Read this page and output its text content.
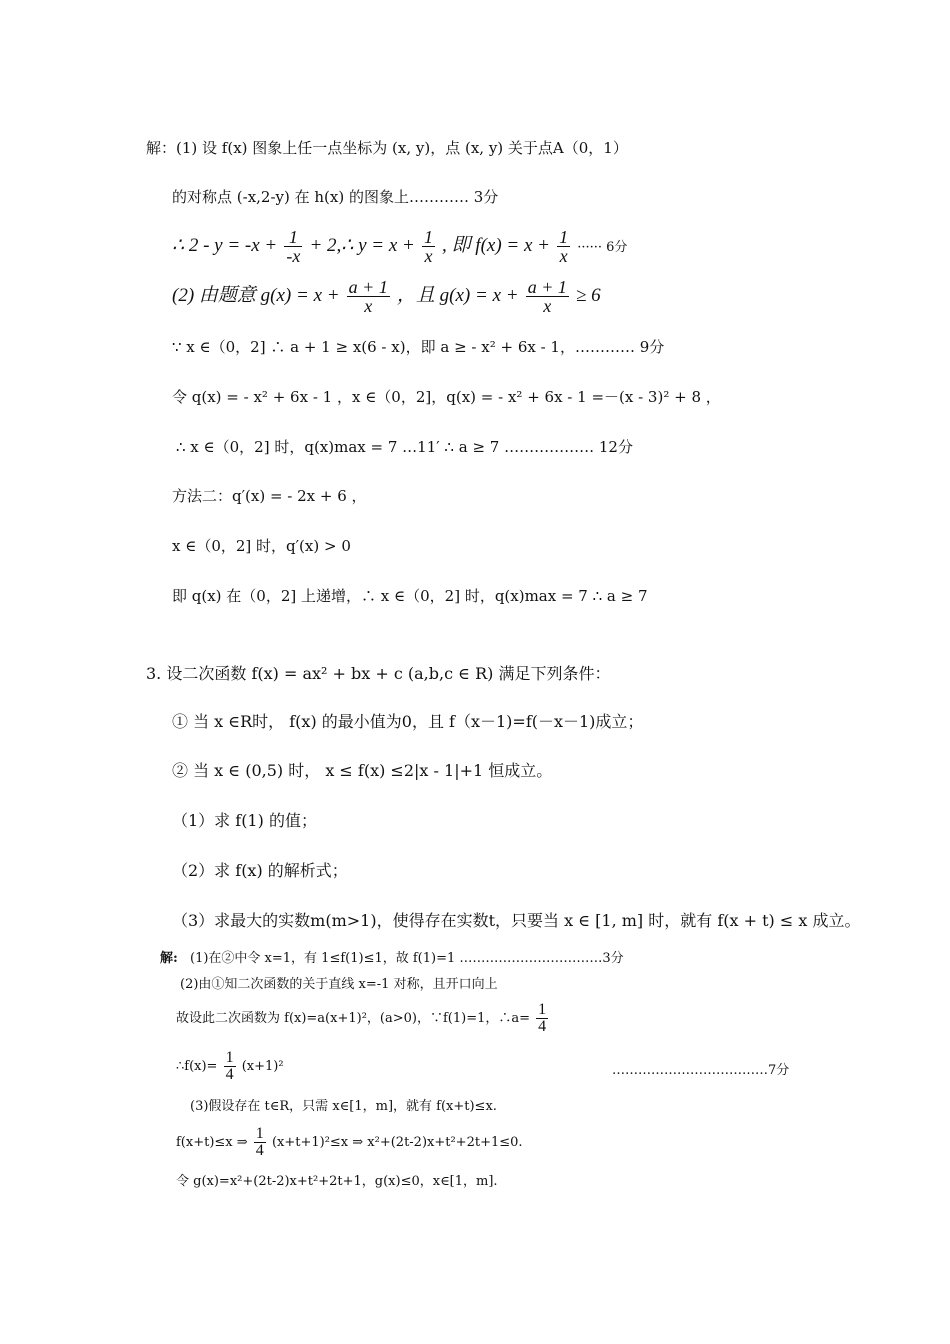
解：(1) 设 f(x) 图象上任一点坐标为 (x, y)，点 (x, y) 关于点A（0，1）
的对称点 (-x,2-y) 在 h(x) 的图象上………… 3分
∴ $2 - y = -x + \frac{1}{-x}$ + 2,∴ $y = x + \frac{1}{x}$ , 即 $f(x) = x + \frac{1}{x}$ ······ 6分
(2) 由题意 $g(x) = x + \frac{a + 1}{x}$ ，且 $g(x) = x + \frac{a + 1}{x} \ge 6$
∵ x ∈（0，2] ∴ a + 1 ≥ x(6 - x)，即 a ≥ - x² + 6x - 1，………… 9分
令 q(x) = - x² + 6x - 1 ，x ∈（0，2]，q(x) = - x² + 6x - 1 =－(x - 3)² + 8 ，
∴ x ∈（0，2] 时，q(x)max = 7 …11′ ∴ a ≥ 7 ……………… 12分
方法二：q′(x) = - 2x + 6 ，
x ∈（0，2] 时，q′(x) > 0
即 q(x) 在（0，2] 上递增，∴ x ∈（0，2] 时，q(x)max = 7 ∴ a ≥ 7
3. 设二次函数 f(x) = ax² + bx + c (a,b,c ∈ R) 满足下列条件：
① 当 x ∈R时， f(x) 的最小值为0，且 f（x－1)=f(－x－1)成立；
② 当 x ∈ (0,5) 时， x ≤ f(x) ≤2|x - 1|+1 恒成立。
（1）求 f(1) 的值；
（2）求 f(x) 的解析式；
（3）求最大的实数m(m>1)，使得存在实数t，只要当 x ∈ [1, m] 时，就有 f(x + t) ≤ x 成立。
解: (1)在②中令 x=1，有 1≤f(1)≤1，故 f(1)=1 ……………………………3分
(2)由①知二次函数的关于直线 x=-1 对称，且开口向上
故设此二次函数为 f(x)=a(x+1)²，(a>0)，∵f(1)=1，∴a= $\frac{1}{4}$
∴f(x)= $\frac{1}{4} (x+1)^2$	………………………………7分
(3)假设存在 t∈R，只需 x∈[1，m]，就有 f(x+t)≤x.
f(x+t)≤x ⇒ $\frac{1}{4} (x+t+1)^2\le x$ ⇒ x²+(2t-2)x+t²+2t+1≤0.
令 g(x)=x²+(2t-2)x+t²+2t+1，g(x)≤0，x∈[1，m].
